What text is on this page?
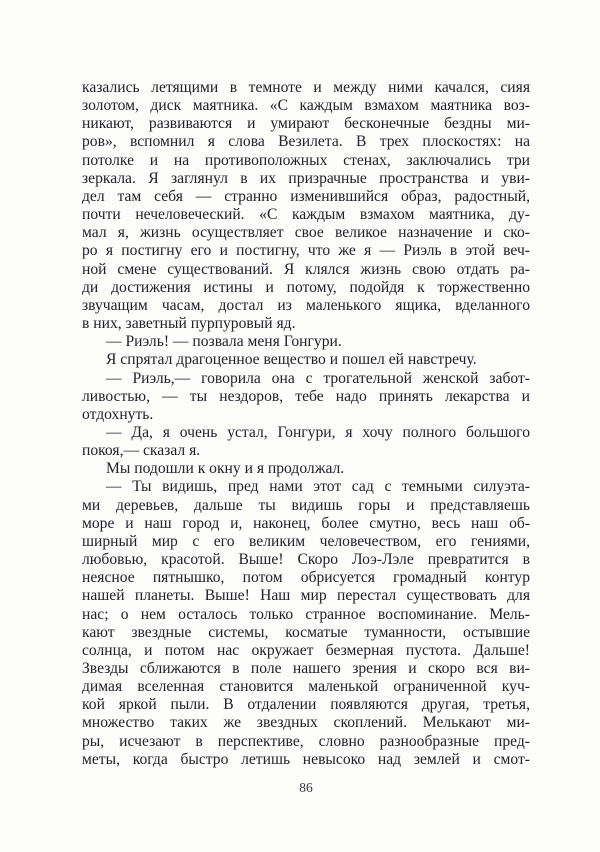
казались летящими в темноте и между ними качался, сияя
золотом, диск маятника. «С каждым взмахом маятника воз-
никают, развиваются и умирают бесконечные бездны ми-
ров», вспомнил я слова Везилета. В трех плоскостях: на
потолке и на противоположных стенах, заключались три
зеркала. Я заглянул в их призрачные пространства и уви-
дел там себя — странно изменившийся образ, радостный,
почти нечеловеческий. «С каждым взмахом маятника, ду-
мал я, жизнь осуществляет свое великое назначение и ско-
ро я постигну его и постигну, что же я — Риэль в этой веч-
ной смене существований. Я клялся жизнь свою отдать ра-
ди достижения истины и потому, подойдя к торжественно
звучащим часам, достал из маленького ящика, вделанного
в них, заветный пурпуровый яд.
— Риэль! — позвала меня Гонгури.
Я спрятал драгоценное вещество и пошел ей навстречу.
— Риэль,— говорила она с трогательной женской забот-
ливостью, — ты нездоров, тебе надо принять лекарства и
отдохнуть.
— Да, я очень устал, Гонгури, я хочу полного большого
покоя,— сказал я.
Мы подошли к окну и я продолжал.
— Ты видишь, пред нами этот сад с темными силуэта-
ми деревьев, дальше ты видишь горы и представляешь
море и наш город и, наконец, более смутно, весь наш об-
ширный мир с его великим человечеством, его гениями,
любовью, красотой. Выше! Скоро Лоэ-Лэле превратится в
неясное пятнышко, потом обрисуется громадный контур
нашей планеты. Выше! Наш мир перестал существовать для
нас; о нем осталось только странное воспоминание. Мель-
кают звездные системы, косматые туманности, остывшие
солнца, и потом нас окружает безмерная пустота. Дальше!
Звезды сближаются в поле нашего зрения и скоро вся ви-
димая вселенная становится маленькой ограниченной куч-
кой яркой пыли. В отдалении появляются другая, третья,
множество таких же звездных скоплений. Мелькают ми-
ры, исчезают в перспективе, словно разнообразные пред-
меты, когда быстро летишь невысоко над землей и смот-
86
